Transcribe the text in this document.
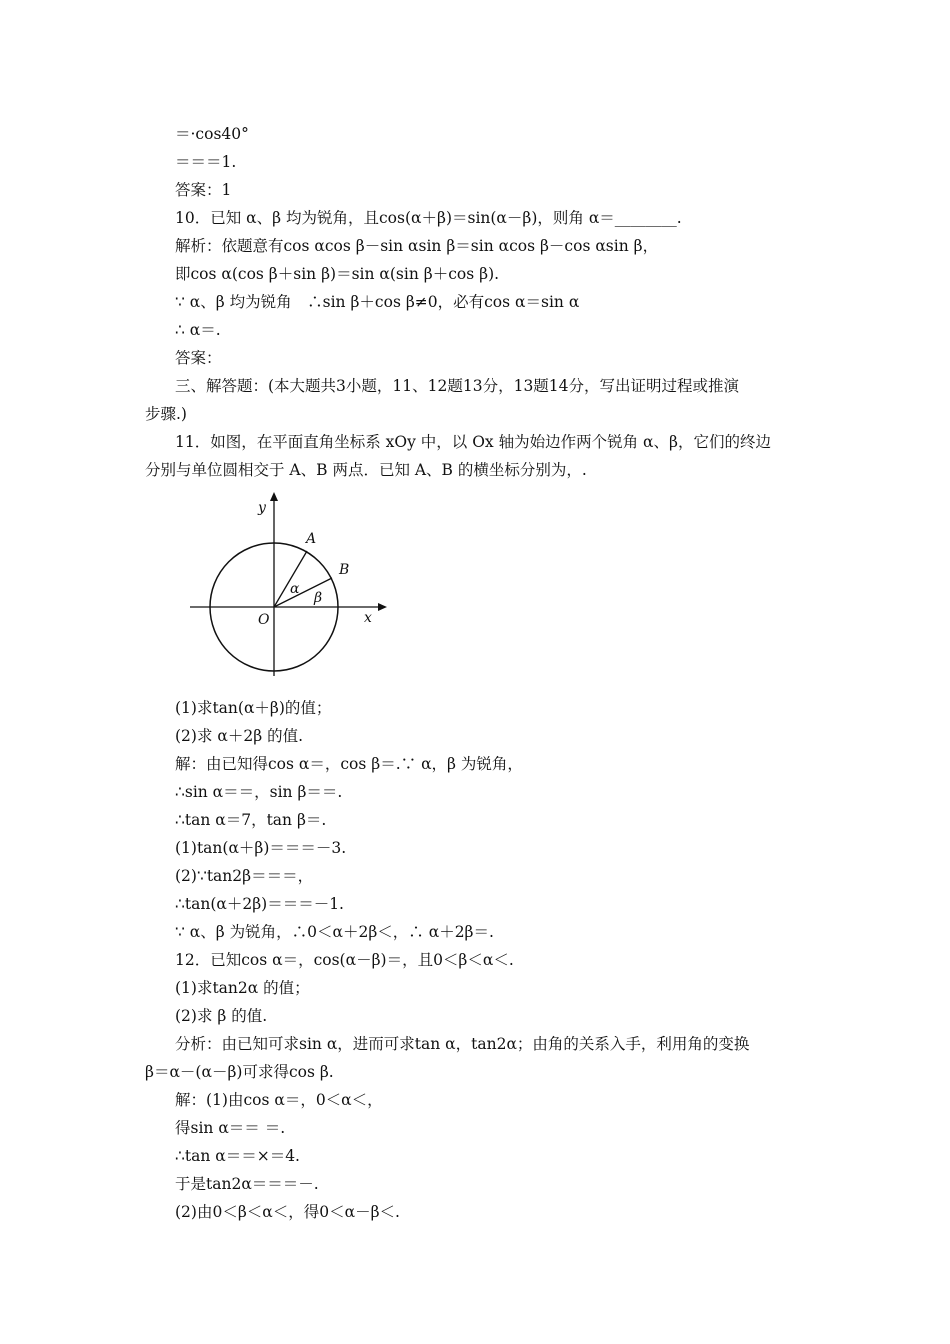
＝·cos40°
＝＝＝1.
答案：1
10．已知 α、β 均为锐角，且cos(α＋β)＝sin(α－β)，则角 α＝________.
解析：依题意有cos αcos β－sin αsin β＝sin αcos β－cos αsin β，
即cos α(cos β＋sin β)＝sin α(sin β＋cos β).
∵ α、β 均为锐角　∴sin β＋cos β≠0，必有cos α＝sin α
∴ α＝.
答案：
三、解答题：(本大题共3小题，11、12题13分，13题14分，写出证明过程或推演
步骤.)
11．如图，在平面直角坐标系 xOy 中，以 Ox 轴为始边作两个锐角 α、β，它们的终边
分别与单位圆相交于 A、B 两点．已知 A、B 的横坐标分别为，.
y
x
O
A
B
α
β
(1)求tan(α＋β)的值；
(2)求 α＋2β 的值.
解：由已知得cos α＝，cos β＝.∵ α，β 为锐角，
∴sin α＝＝，sin β＝＝.
∴tan α＝7，tan β＝.
(1)tan(α＋β)＝＝＝－3.
(2)∵tan2β＝＝＝，
∴tan(α＋2β)＝＝＝－1.
∵ α、β 为锐角，∴0＜α＋2β＜，∴ α＋2β＝.
12．已知cos α＝，cos(α－β)＝，且0＜β＜α＜.
(1)求tan2α 的值；
(2)求 β 的值.
分析：由已知可求sin α，进而可求tan α，tan2α；由角的关系入手，利用角的变换
β＝α－(α－β)可求得cos β.
解：(1)由cos α＝，0＜α＜，
得sin α＝＝ ＝.
∴tan α＝＝×＝4.
于是tan2α＝＝＝－.
(2)由0＜β＜α＜，得0＜α－β＜.
